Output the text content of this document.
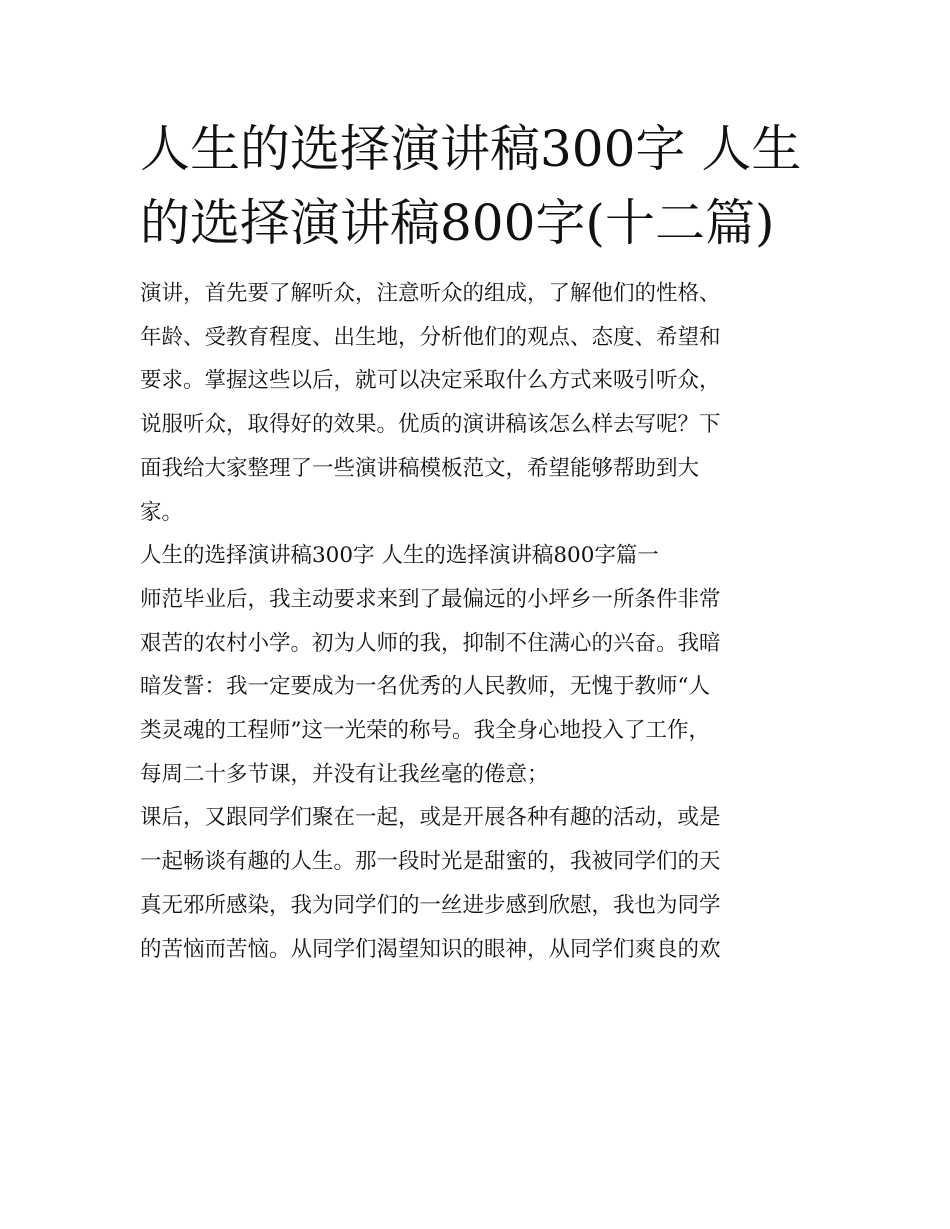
人生的选择演讲稿300字 人生
的选择演讲稿800字(十二篇)
演讲，首先要了解听众，注意听众的组成，了解他们的性格、
年龄、受教育程度、出生地，分析他们的观点、态度、希望和
要求。掌握这些以后，就可以决定采取什么方式来吸引听众，
说服听众，取得好的效果。优质的演讲稿该怎么样去写呢？下
面我给大家整理了一些演讲稿模板范文，希望能够帮助到大
家。
人生的选择演讲稿300字 人生的选择演讲稿800字篇一
师范毕业后，我主动要求来到了最偏远的小坪乡一所条件非常
艰苦的农村小学。初为人师的我，抑制不住满心的兴奋。我暗
暗发誓：我一定要成为一名优秀的人民教师，无愧于教师“人
类灵魂的工程师”这一光荣的称号。我全身心地投入了工作，
每周二十多节课，并没有让我丝毫的倦意；
课后，又跟同学们聚在一起，或是开展各种有趣的活动，或是
一起畅谈有趣的人生。那一段时光是甜蜜的，我被同学们的天
真无邪所感染，我为同学们的一丝进步感到欣慰，我也为同学
的苦恼而苦恼。从同学们渴望知识的眼神，从同学们爽良的欢
